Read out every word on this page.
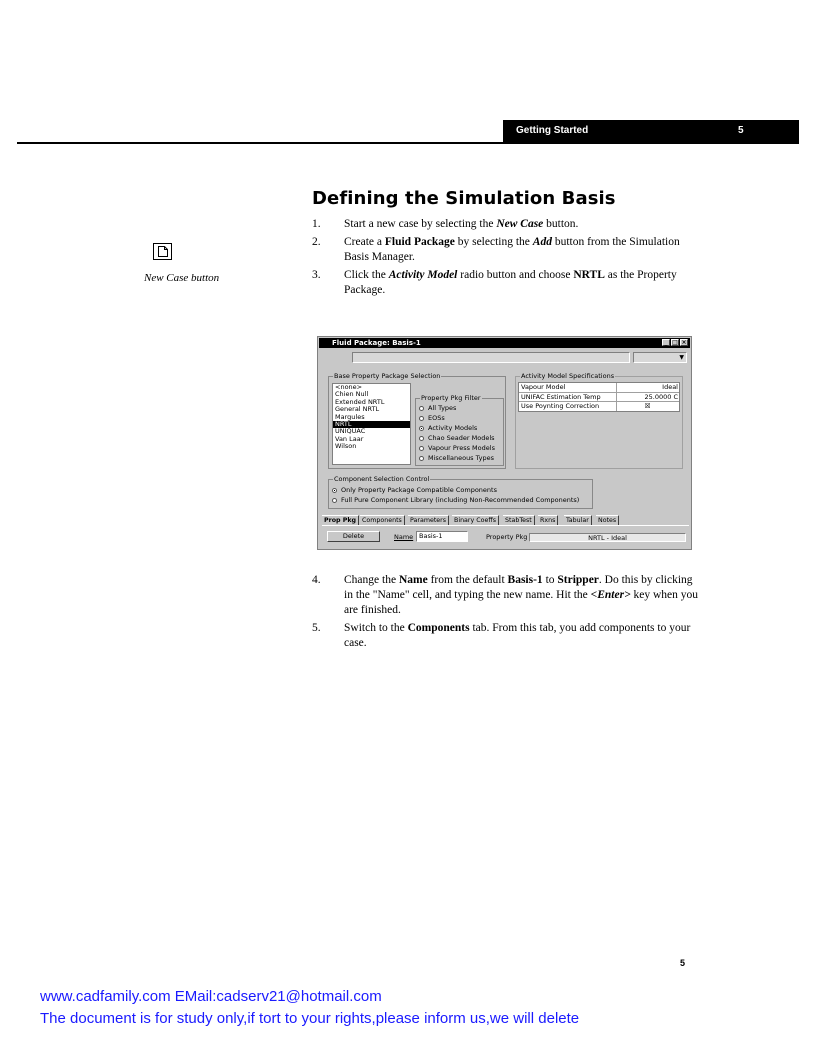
Getting Started	5
New Case button
Defining the Simulation Basis
1. Start a new case by selecting the New Case button.
2. Create a Fluid Package by selecting the Add button from the Simulation Basis Manager.
3. Click the Activity Model radio button and choose NRTL as the Property Package.
Fluid Package: Basis-1	_ □ ×
▼
Base Property Package Selection
<none>
Chien Null
Extended NRTL
General NRTL
Margules
NRTL
UNIQUAC
Van Laar
Wilson
Property Pkg Filter
All Types
EOSs
Activity Models
Chao Seader Models
Vapour Press Models
Miscellaneous Types
Activity Model Specifications
Vapour Model	Ideal
UNIFAC Estimation Temp	25.0000 C
Use Poynting Correction	☒
Component Selection Control
Only Property Package Compatible Components
Full Pure Component Library (including Non-Recommended Components)
Prop Pkg Components	Parameters	Binary Coeffs	StabTest	Rxns	Tabular	Notes
Delete	Name Basis-1	Property Pkg	NRTL - Ideal
4. Change the Name from the default Basis-1 to Stripper. Do this by clicking in the "Name" cell, and typing the new name. Hit the <Enter> key when you are finished.
5. Switch to the Components tab. From this tab, you add components to your case.
5
www.cadfamily.com EMail:cadserv21@hotmail.com
The document is for study only,if tort to your rights,please inform us,we will delete
